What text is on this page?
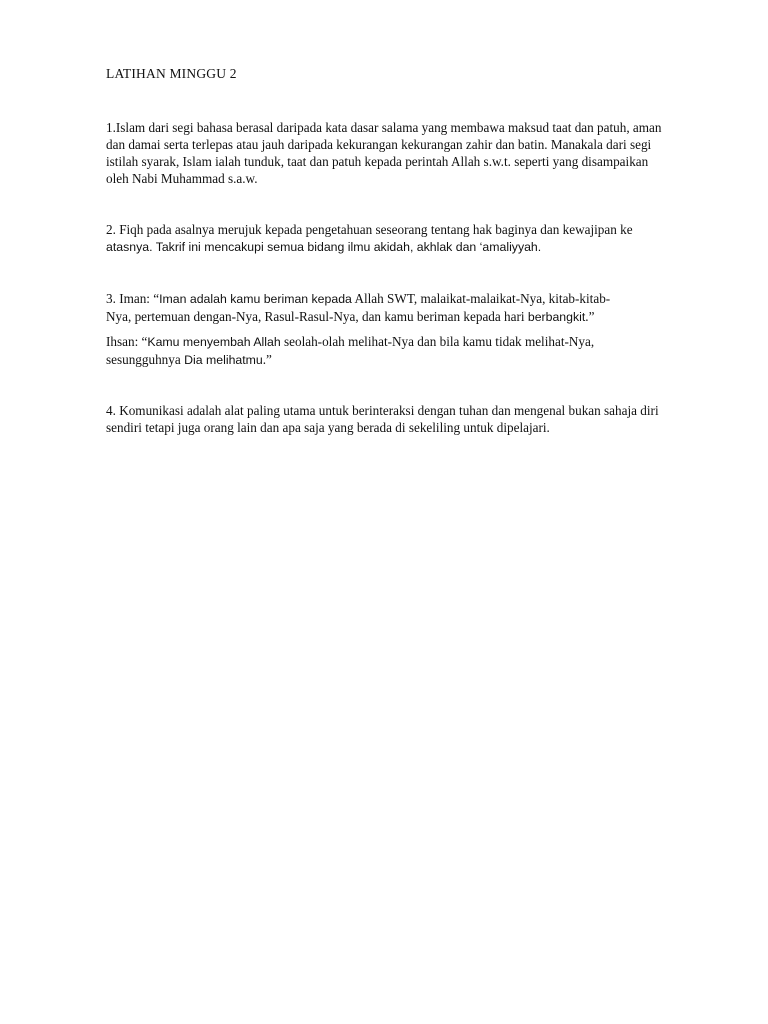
LATIHAN MINGGU 2

1.Islam dari segi bahasa berasal daripada kata dasar salama yang membawa maksud taat dan patuh, aman
dan damai serta terlepas atau jauh daripada kekurangan kekurangan zahir dan batin. Manakala dari segi
istilah syarak, Islam ialah tunduk, taat dan patuh kepada perintah Allah s.w.t. seperti yang disampaikan
oleh Nabi Muhammad s.a.w.

2. Fiqh pada asalnya merujuk kepada pengetahuan seseorang tentang hak baginya dan kewajipan ke
atasnya. Takrif ini mencakupi semua bidang ilmu akidah, akhlak dan ‘amaliyyah.

3. Iman: “Iman adalah kamu beriman kepada Allah SWT, malaikat-malaikat-Nya, kitab-kitab-
Nya, pertemuan dengan-Nya, Rasul-Rasul-Nya, dan kamu beriman kepada hari berbangkit.”

Ihsan: “Kamu menyembah Allah seolah-olah melihat-Nya dan bila kamu tidak melihat-Nya,
sesungguhnya Dia melihatmu.”

4. Komunikasi adalah alat paling utama untuk berinteraksi dengan tuhan dan mengenal bukan sahaja diri
sendiri tetapi juga orang lain dan apa saja yang berada di sekeliling untuk dipelajari.
